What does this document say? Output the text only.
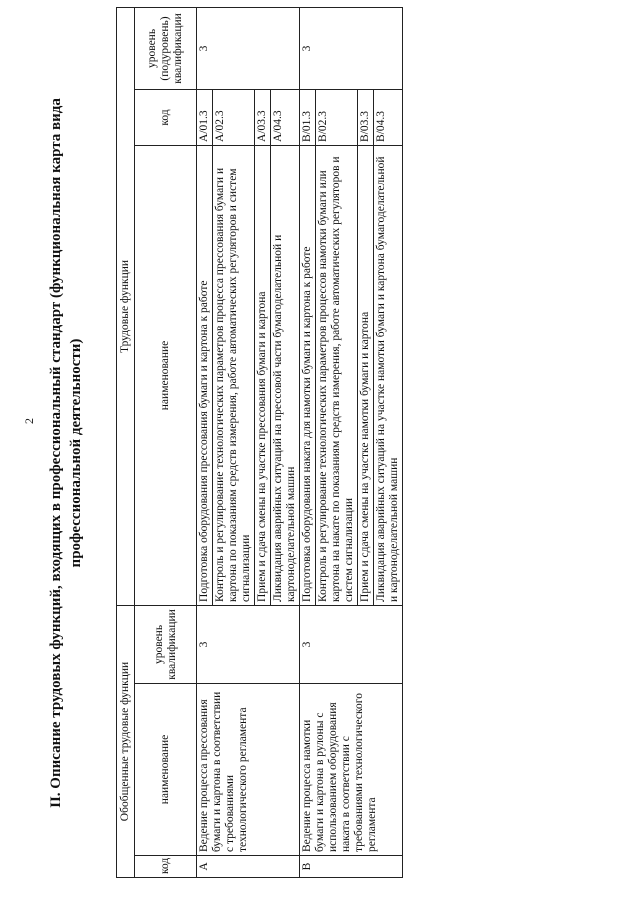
2 II. Описание трудовых функций, входящих в профессиональный стандарт (функциональная карта вида профессиональной деятельности)
Обобщенные трудовые функции			Трудовые функции		
код	наименование	уровень квалификации	наименование	код	уровень (подуровень) квалификации
A	Ведение процесса прессования бумаги и картона в соответствии с требованиями технологического регламента	3	Подготовка оборудования прессования бумаги и картона к работе	A/01.3	3
			Контроль и регулирование технологических параметров процесса прессования бумаги и картона по показаниям средств измерения, работе автоматических регуляторов и систем сигнализации	A/02.3	
			Прием и сдача смены на участке прессования бумаги и картона	A/03.3	
			Ликвидация аварийных ситуаций на прессовой части бумагоделательной и картоноделательной машин	A/04.3	
B	Ведение процесса намотки бумаги и картона в рулоны с использованием оборудования наката в соответствии с требованиями технологического регламента	3	Подготовка оборудования наката для намотки бумаги и картона к работе	B/01.3	3
			Контроль и регулирование технологических параметров процессов намотки бумаги или картона на накате по показаниям средств измерения, работе автоматических регуляторов и систем сигнализации	B/02.3	
			Прием и сдача смены на участке намотки бумаги и картона	B/03.3	
			Ликвидация аварийных ситуаций на участке намотки бумаги и картона бумагоделательной и картоноделательной машин	B/04.3	
